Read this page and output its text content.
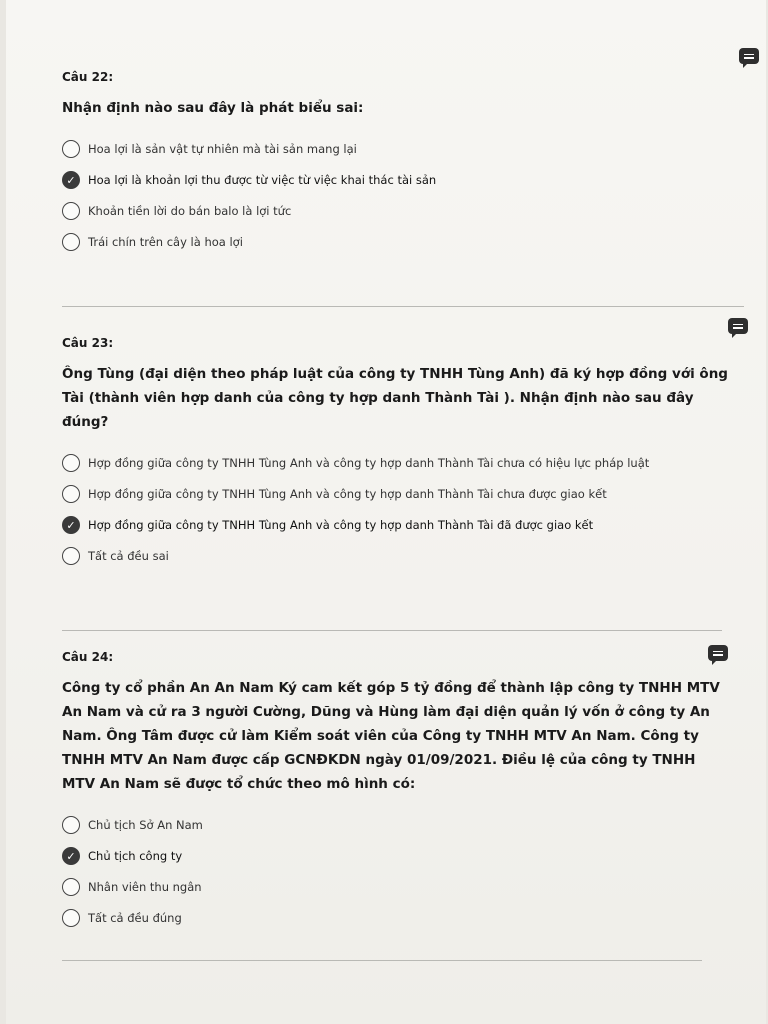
Câu 22:

Nhận định nào sau đây là phát biểu sai:

Hoa lợi là sản vật tự nhiên mà tài sản mang lại
✓ Hoa lợi là khoản lợi thu được từ việc từ việc khai thác tài sản
Khoản tiền lời do bán balo là lợi tức
Trái chín trên cây là hoa lợi

Câu 23:

Ông Tùng (đại diện theo pháp luật của công ty TNHH Tùng Anh) đã ký hợp đồng với ông Tài (thành viên hợp danh của công ty hợp danh Thành Tài ). Nhận định nào sau đây đúng?

Hợp đồng giữa công ty TNHH Tùng Anh và công ty hợp danh Thành Tài chưa có hiệu lực pháp luật
Hợp đồng giữa công ty TNHH Tùng Anh và công ty hợp danh Thành Tài chưa được giao kết
✓ Hợp đồng giữa công ty TNHH Tùng Anh và công ty hợp danh Thành Tài đã được giao kết
Tất cả đều sai

Câu 24:

Công ty cổ phần An An Nam Ký cam kết góp 5 tỷ đồng để thành lập công ty TNHH MTV An Nam và cử ra 3 người Cường, Dũng và Hùng làm đại diện quản lý vốn ở công ty An Nam. Ông Tâm được cử làm Kiểm soát viên của Công ty TNHH MTV An Nam. Công ty TNHH MTV An Nam được cấp GCNĐKDN ngày 01/09/2021. Điều lệ của công ty TNHH MTV An Nam sẽ được tổ chức theo mô hình có:

Chủ tịch Sở An Nam
✓ Chủ tịch công ty
Nhân viên thu ngân
Tất cả đều đúng
